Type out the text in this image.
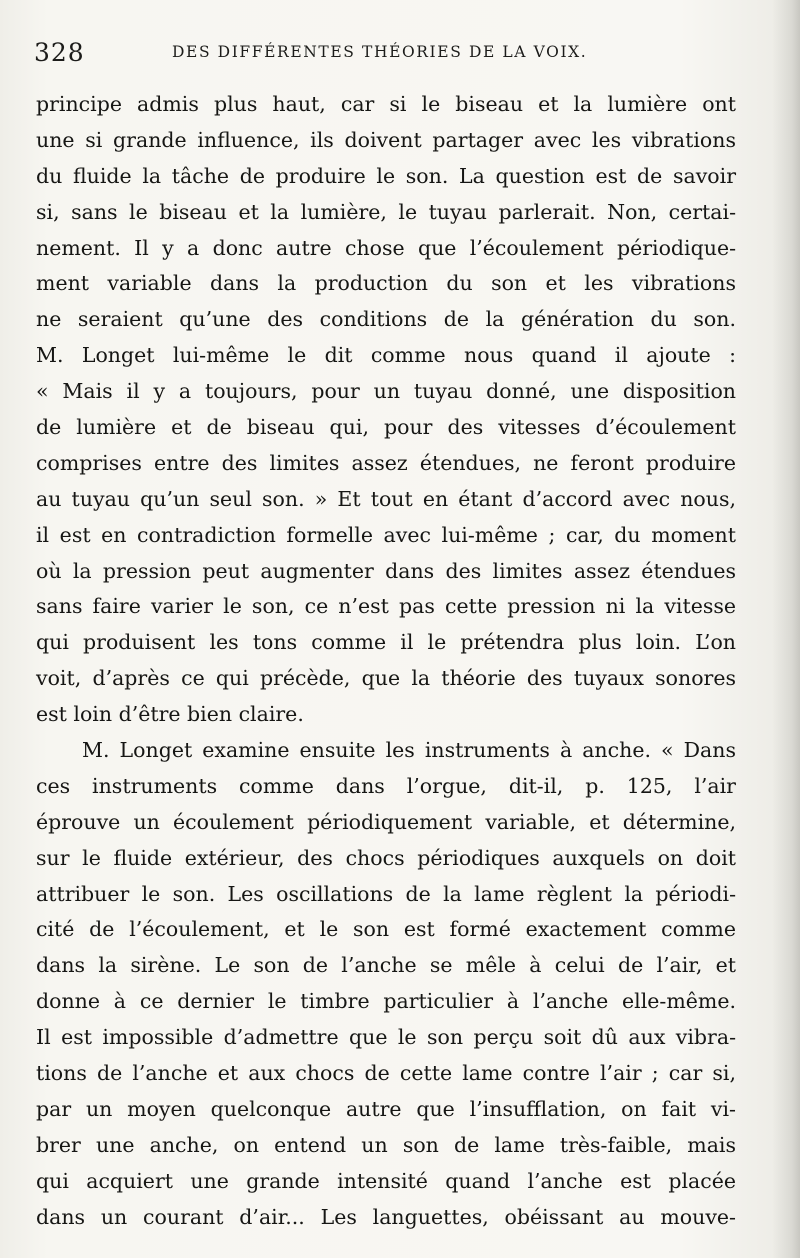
328	DES DIFFÉRENTES THÉORIES DE LA VOIX.
principe admis plus haut, car si le biseau et la lumière ont
une si grande influence, ils doivent partager avec les vibrations
du fluide la tâche de produire le son. La question est de savoir
si, sans le biseau et la lumière, le tuyau parlerait. Non, certai-
nement. Il y a donc autre chose que l’écoulement périodique-
ment variable dans la production du son et les vibrations
ne seraient qu’une des conditions de la génération du son.
M. Longet lui-même le dit comme nous quand il ajoute :
« Mais il y a toujours, pour un tuyau donné, une disposition
de lumière et de biseau qui, pour des vitesses d’écoulement
comprises entre des limites assez étendues, ne feront produire
au tuyau qu’un seul son. » Et tout en étant d’accord avec nous,
il est en contradiction formelle avec lui-même ; car, du moment
où la pression peut augmenter dans des limites assez étendues
sans faire varier le son, ce n’est pas cette pression ni la vitesse
qui produisent les tons comme il le prétendra plus loin. L’on
voit, d’après ce qui précède, que la théorie des tuyaux sonores
est loin d’être bien claire.
M. Longet examine ensuite les instruments à anche. « Dans
ces instruments comme dans l’orgue, dit-il, p. 125, l’air
éprouve un écoulement périodiquement variable, et détermine,
sur le fluide extérieur, des chocs périodiques auxquels on doit
attribuer le son. Les oscillations de la lame règlent la périodi-
cité de l’écoulement, et le son est formé exactement comme
dans la sirène. Le son de l’anche se mêle à celui de l’air, et
donne à ce dernier le timbre particulier à l’anche elle-même.
Il est impossible d’admettre que le son perçu soit dû aux vibra-
tions de l’anche et aux chocs de cette lame contre l’air ; car si,
par un moyen quelconque autre que l’insufflation, on fait vi-
brer une anche, on entend un son de lame très-faible, mais
qui acquiert une grande intensité quand l’anche est placée
dans un courant d’air... Les languettes, obéissant au mouve-
